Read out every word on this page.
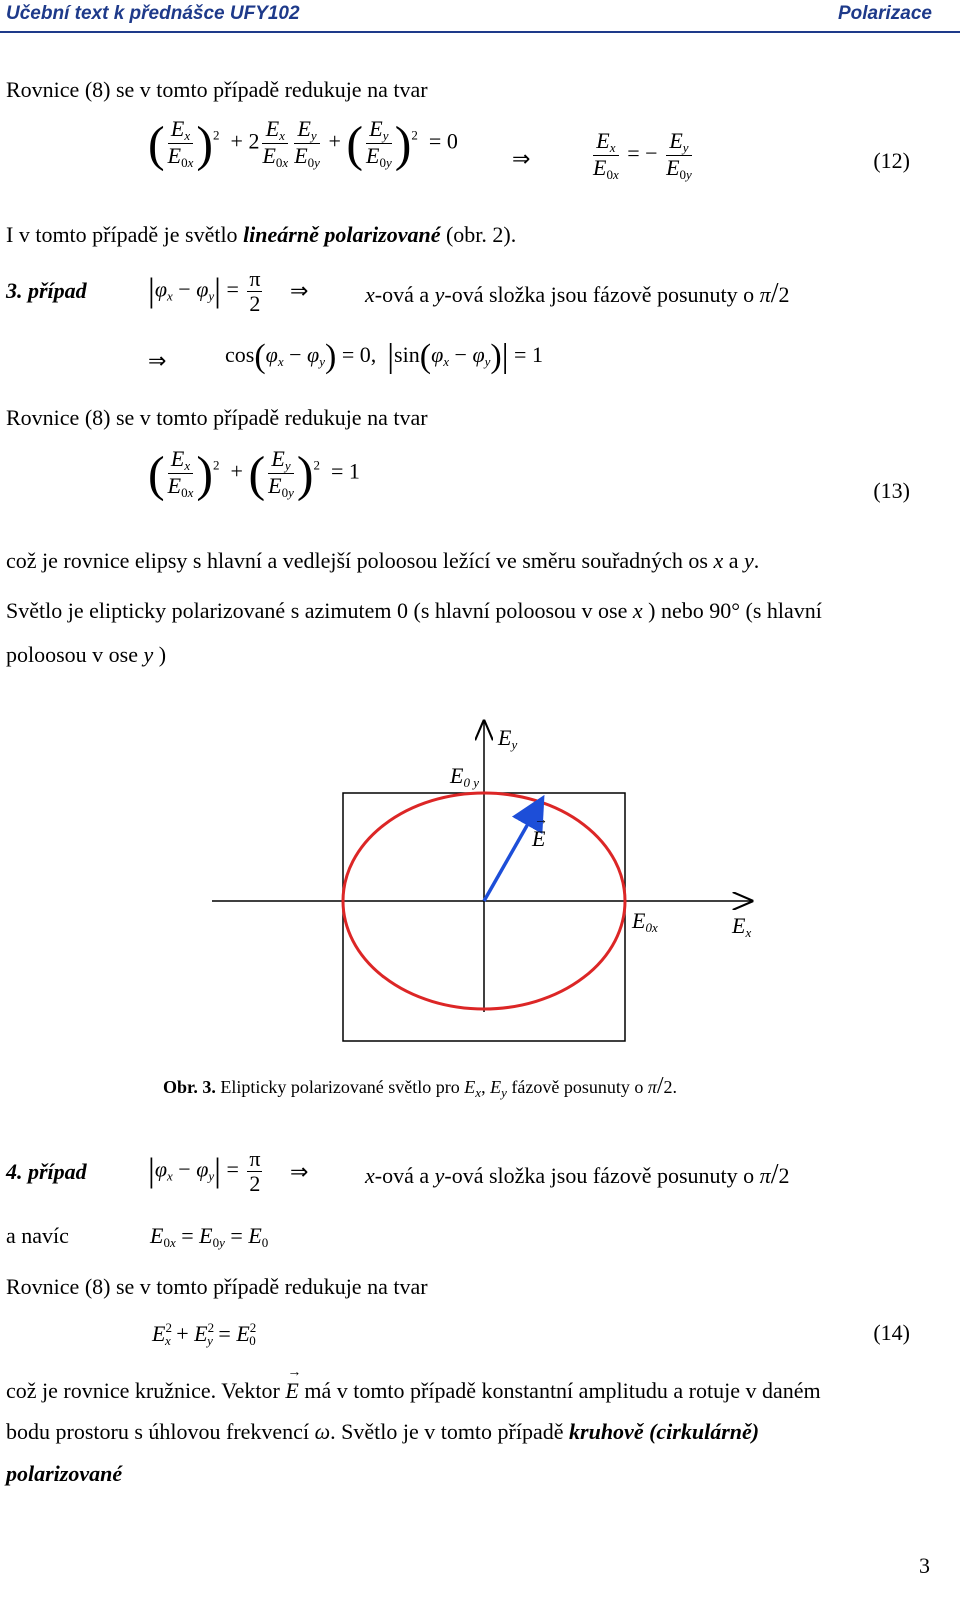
Učební text k přednášce UFY102	Polarizace
Rovnice (8) se v tomto případě redukuje na tvar
( $\frac{E_x}{E_{0x}} )^2 + 2 \frac{E_x}{E_{0x}} \frac{E_y}{E_{0y}}$ + ( $\frac{E_y}{E_{0y}} )^2 = 0$
⇒	$\frac{E_x}{E_{0x}}$ = − $\frac{E_y}{E_{0y}}$	(12)
I v tomto případě je světlo lineárně polarizované (obr. 2).
3. případ $|\varphi_x - \varphi_y| = \frac{\pi}{2}$ ⇒	x-ová a y-ová složka jsou fázově posunuty o π/2
⇒	$\cos(\varphi_x - \varphi_y) = 0$, $|\sin(\varphi_x - \varphi_y)| = 1$
Rovnice (8) se v tomto případě redukuje na tvar
( $\frac{E_x}{E_{0x}} )^2$  + ( $\frac{E_y}{E_{0y}} )^2 = 1$
(13)
což je rovnice elipsy s hlavní a vedlejší poloosou ležící ve směru souřadných os x a y.
Světlo je elipticky polarizované s azimutem 0 (s hlavní poloosou v ose x ) nebo 90° (s hlavní
poloosou v ose y )
$E_{0 y}$
$E_y$
→
E
$E_{0x}$	$E_x$
Obr. 3. Elipticky polarizované světlo pro $E_x$, $E_y$ fázově posunuty o π/2.
4. případ $|\varphi_x - \varphi_y| = \frac{\pi}{2}$ ⇒	x-ová a y-ová složka jsou fázově posunuty o π/2
a navíc	$E_{0x} = E_{0y} = E_0$
Rovnice (8) se v tomto případě redukuje na tvar
$E^2_x + E^2_y = E^2_0$	(14)
což je rovnice kružnice. Vektor
→
E má v tomto případě konstantní amplitudu a rotuje v daném
bodu prostoru s úhlovou frekvencí ω. Světlo je v tomto případě kruhově (cirkulárně)
polarizované
3
